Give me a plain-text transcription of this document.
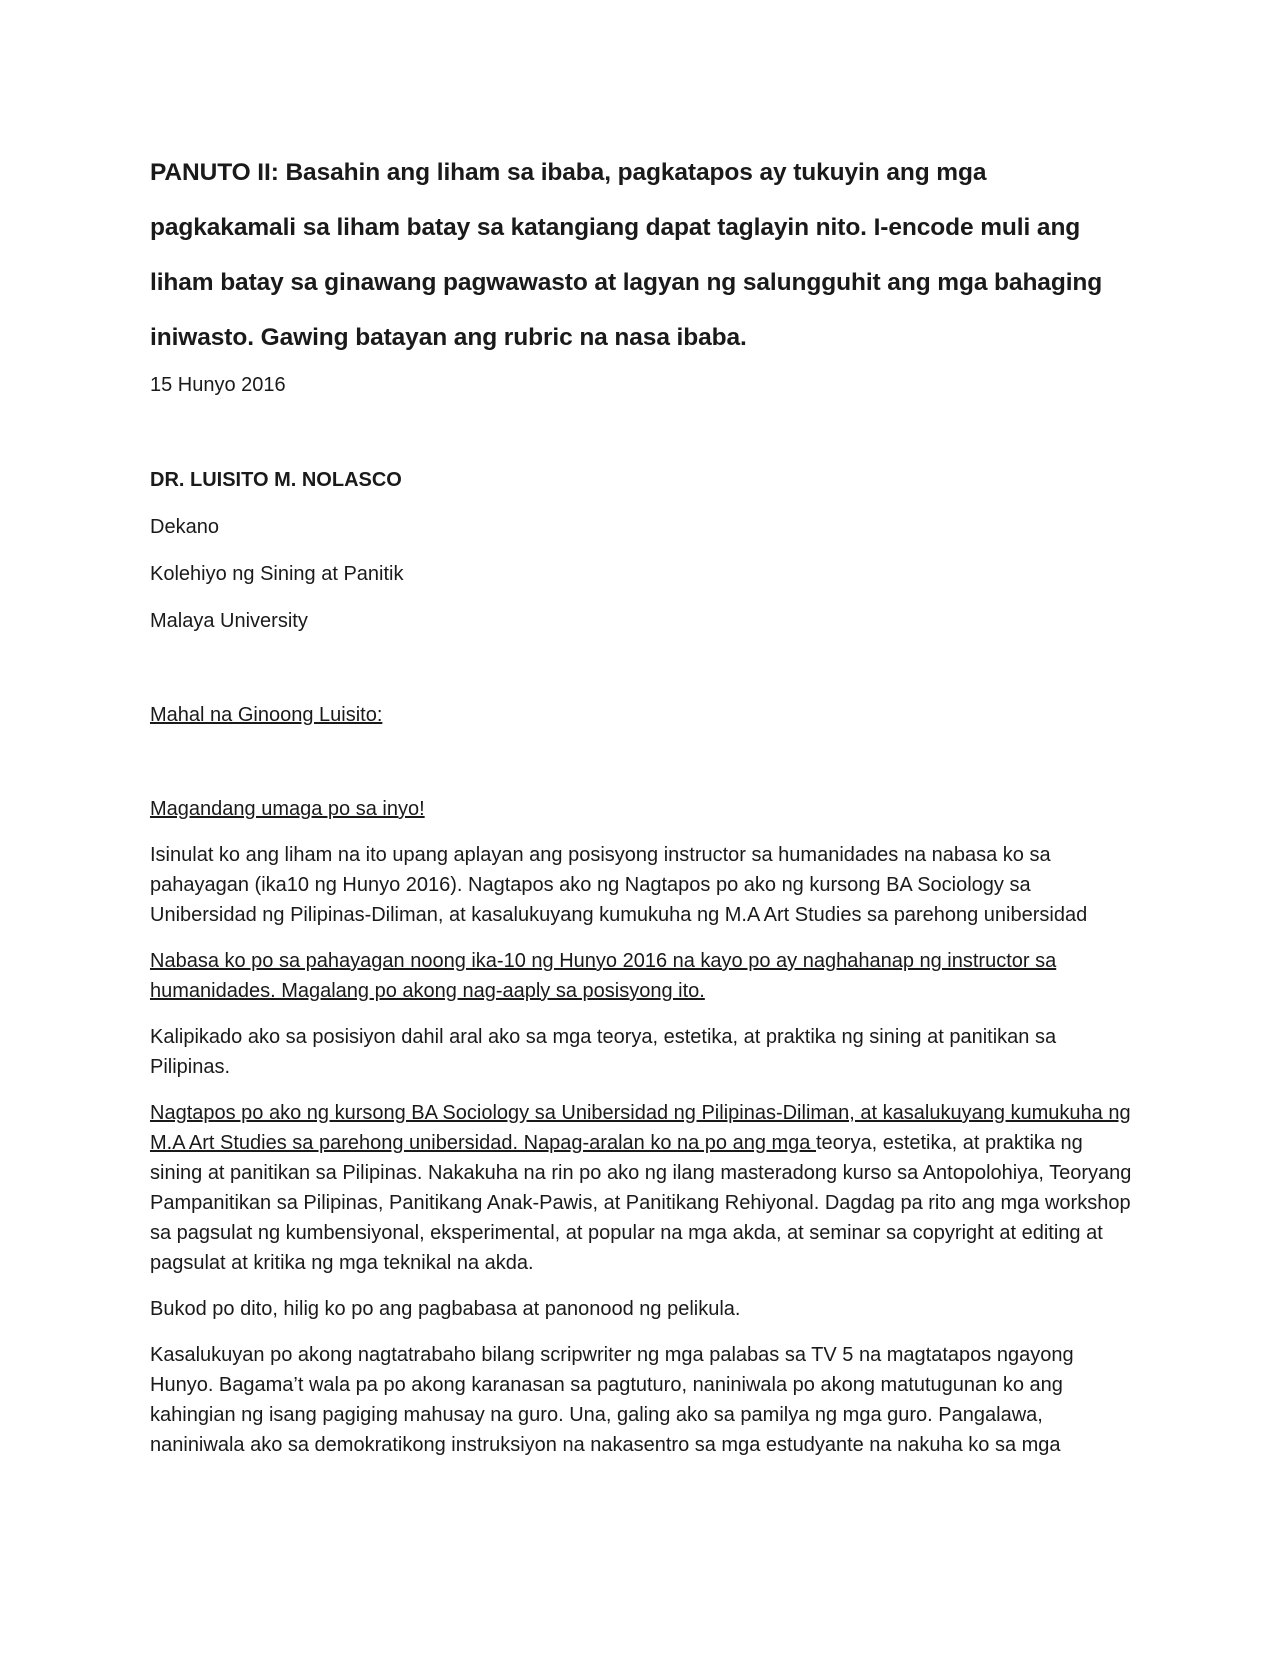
PANUTO II: Basahin ang liham sa ibaba, pagkatapos ay tukuyin ang mga pagkakamali sa liham batay sa katangiang dapat taglayin nito. I-encode muli ang liham batay sa ginawang pagwawasto at lagyan ng salungguhit ang mga bahaging iniwasto. Gawing batayan ang rubric na nasa ibaba.

15 Hunyo 2016

DR. LUISITO M. NOLASCO

Dekano

Kolehiyo ng Sining at Panitik

Malaya University

Mahal na Ginoong Luisito:

Magandang umaga po sa inyo!

Isinulat ko ang liham na ito upang aplayan ang posisyong instructor sa humanidades na nabasa ko sa pahayagan (ika10 ng Hunyo 2016). Nagtapos ako ng Nagtapos po ako ng kursong BA Sociology sa Unibersidad ng Pilipinas-Diliman, at kasalukuyang kumukuha ng M.A Art Studies sa parehong unibersidad

Nabasa ko po sa pahayagan noong ika-10 ng Hunyo 2016 na kayo po ay naghahanap ng instructor sa humanidades. Magalang po akong nag-aaply sa posisyong ito.

Kalipikado ako sa posisiyon dahil aral ako sa mga teorya, estetika, at praktika ng sining at panitikan sa Pilipinas.

Nagtapos po ako ng kursong BA Sociology sa Unibersidad ng Pilipinas-Diliman, at kasalukuyang kumukuha ng M.A Art Studies sa parehong unibersidad. Napag-aralan ko na po ang mga teorya, estetika, at praktika ng sining at panitikan sa Pilipinas. Nakakuha na rin po ako ng ilang masteradong kurso sa Antopolohiya, Teoryang Pampanitikan sa Pilipinas, Panitikang Anak-Pawis, at Panitikang Rehiyonal. Dagdag pa rito ang mga workshop sa pagsulat ng kumbensiyonal, eksperimental, at popular na mga akda, at seminar sa copyright at editing at pagsulat at kritika ng mga teknikal na akda.

Bukod po dito, hilig ko po ang pagbabasa at panonood ng pelikula.

Kasalukuyan po akong nagtatrabaho bilang scripwriter ng mga palabas sa TV 5 na magtatapos ngayong Hunyo. Bagama’t wala pa po akong karanasan sa pagtuturo, naniniwala po akong matutugunan ko ang kahingian ng isang pagiging mahusay na guro. Una, galing ako sa pamilya ng mga guro. Pangalawa, naniniwala ako sa demokratikong instruksiyon na nakasentro sa mga estudyante na nakuha ko sa mga
